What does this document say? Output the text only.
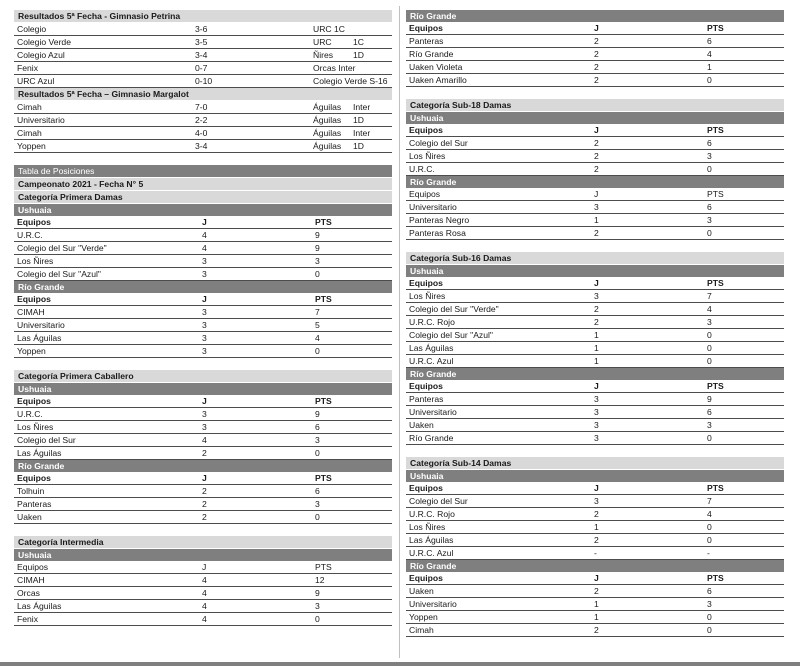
Resultados 5ª Fecha - Gimnasio Petrina
Colegio	3-6	URC 1C
Colegio Verde	3-5	URC 1C
Colegio Azul	3-4	Ñires 1D
Fenix	0-7	Orcas Inter
URC Azul	0-10	Colegio Verde S-16
Resultados 5ª Fecha – Gimnasio Margalot
Cimah	7-0	Águilas Inter
Universitario	2-2	Águilas 1D
Cimah	4-0	Águilas Inter
Yoppen	3-4	Águilas 1D
Tabla de Posiciones
Campeonato 2021 - Fecha N° 5
Categoría Primera Damas
Ushuaia
Equipos	J	PTS
U.R.C.	4	9
Colegio del Sur "Verde"	4	9
Los Ñires	3	3
Colegio del Sur "Azul"	3	0
Río Grande
Equipos	J	PTS
CIMAH	3	7
Universitario	3	5
Las Águilas	3	4
Yoppen	3	0
Categoría Primera Caballero
Ushuaia
Equipos	J	PTS
U.R.C.	3	9
Los Ñires	3	6
Colegio del Sur	4	3
Las Águilas	2	0
Río Grande
Equipos	J	PTS
Tolhuin	2	6
Panteras	2	3
Uaken	2	0
Categoría Intermedia
Ushuaia
Equipos	J	PTS
CIMAH	4	12
Orcas	4	9
Las Águilas	4	3
Fenix	4	0
Río Grande
Equipos	J	PTS
Panteras	2	6
Río Grande	2	4
Uaken Violeta	2	1
Uaken Amarillo	2	0
Categoría Sub-18 Damas
Ushuaia
Equipos	J	PTS
Colegio del Sur	2	6
Los Ñires	2	3
U.R.C.	2	0
Río Grande
Equipos	J	PTS
Universitario	3	6
Panteras Negro	1	3
Panteras Rosa	2	0
Categoría Sub-16 Damas
Ushuaia
Equipos	J	PTS
Los Ñires	3	7
Colegio del Sur "Verde"	2	4
U.R.C. Rojo	2	3
Colegio del Sur "Azul"	1	0
Las Águilas	1	0
U.R.C. Azul	1	0
Río Grande
Equipos	J	PTS
Panteras	3	9
Universitario	3	6
Uaken	3	3
Río Grande	3	0
Categoría Sub-14 Damas
Ushuaia
Equipos	J	PTS
Colegio del Sur	3	7
U.R.C. Rojo	2	4
Los Ñires	1	0
Las Águilas	2	0
U.R.C. Azul	-	-
Río Grande
Equipos	J	PTS
Uaken	2	6
Universitario	1	3
Yoppen	1	0
Cimah	2	0
